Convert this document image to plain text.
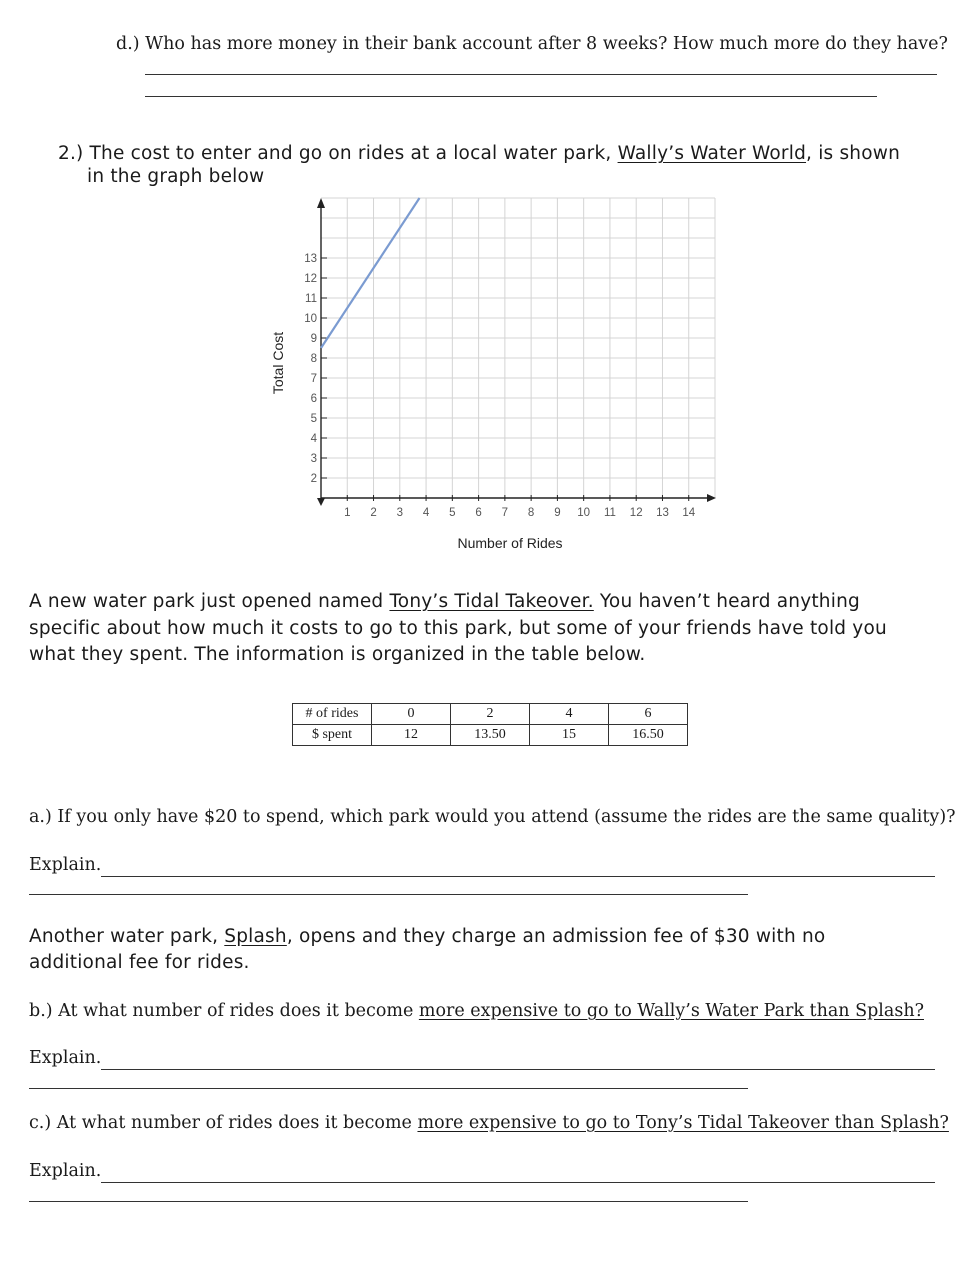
d.) Who has more money in their bank account after 8 weeks? How much more do they have?
2.) The cost to enter and go on rides at a local water park, Wally’s Water World, is shown
in the graph below
1 2 3 4 5 6 7 8 9 10 11 12 13 14
2
3
4
5
6
7
8
9
10
11
12
13
Number of Rides
Total Cost
A new water park just opened named Tony’s Tidal Takeover. You haven’t heard anything
specific about how much it costs to go to this park, but some of your friends have told you
what they spent. The information is organized in the table below.
# of rides	0	2	4	6
$ spent	12	13.50	15	16.50
a.) If you only have $20 to spend, which park would you attend (assume the rides are the same quality)?
Explain.
Another water park, Splash, opens and they charge an admission fee of $30 with no
additional fee for rides.
b.) At what number of rides does it become more expensive to go to Wally’s Water Park than Splash?
Explain.
c.) At what number of rides does it become more expensive to go to Tony’s Tidal Takeover than Splash?
Explain.
